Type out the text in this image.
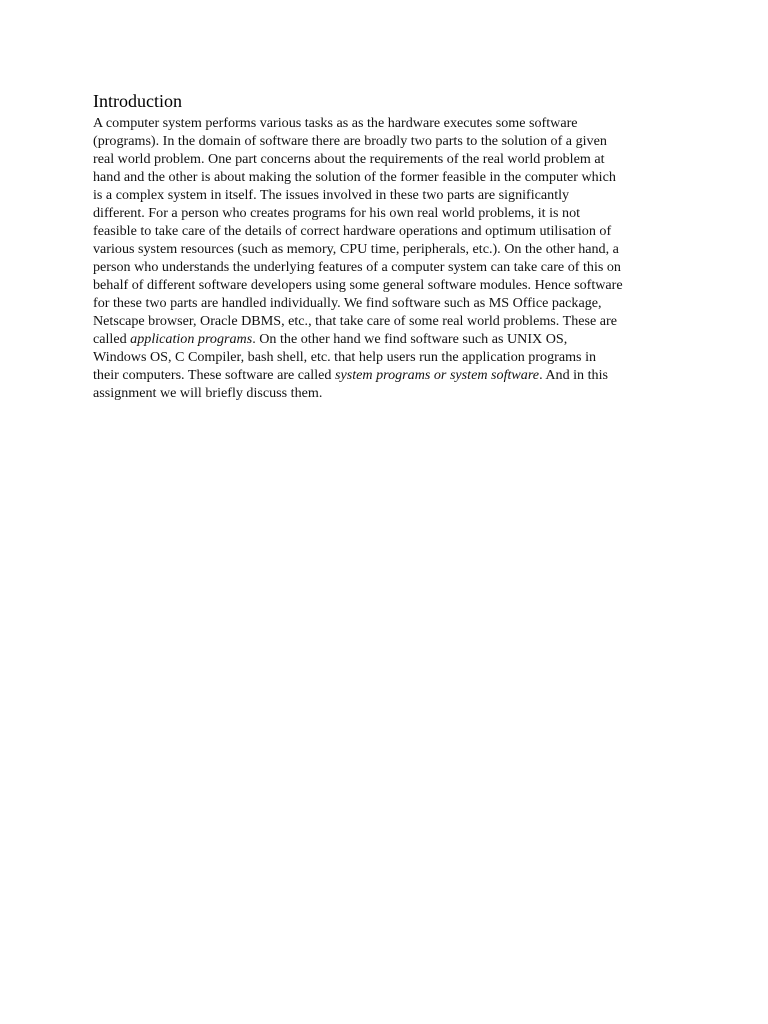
Introduction
A computer system performs various tasks as as the hardware executes some software
(programs). In the domain of software there are broadly two parts to the solution of a given
real world problem. One part concerns about the requirements of the real world problem at
hand and the other is about making the solution of the former feasible in the computer which
is a complex system in itself. The issues involved in these two parts are significantly
different. For a person who creates programs for his own real world problems, it is not
feasible to take care of the details of correct hardware operations and optimum utilisation of
various system resources (such as memory, CPU time, peripherals, etc.). On the other hand, a
person who understands the underlying features of a computer system can take care of this on
behalf of different software developers using some general software modules. Hence software
for these two parts are handled individually. We find software such as MS Office package,
Netscape browser, Oracle DBMS, etc., that take care of some real world problems. These are
called application programs. On the other hand we find software such as UNIX OS,
Windows OS, C Compiler, bash shell, etc. that help users run the application programs in
their computers. These software are called system programs or system software. And in this
assignment we will briefly discuss them.
